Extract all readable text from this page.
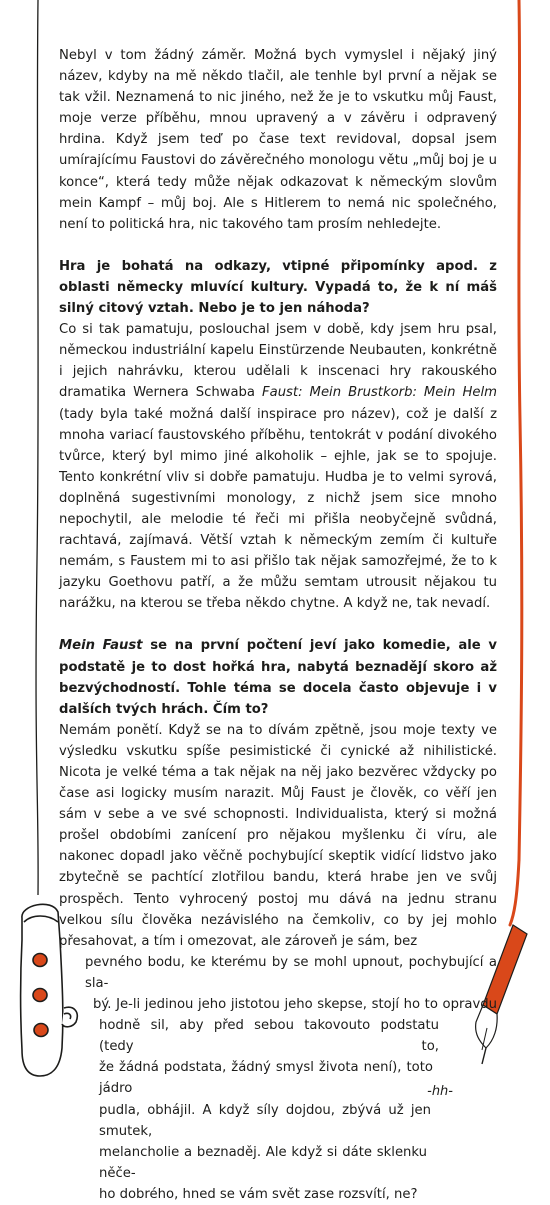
Nebyl v tom žádný záměr. Možná bych vymyslel i nějaký jiný název, kdyby na mě někdo tlačil, ale tenhle byl první a nějak se tak vžil. Neznamená to nic jiného, než že je to vskutku můj Faust, moje verze příběhu, mnou upravený a v závěru i odpravený hrdina. Když jsem teď po čase text revidoval, dopsal jsem umírajícímu Faustovi do závěrečného monologu větu „můj boj je u konce“, která tedy může nějak odkazovat k německým slovům mein Kampf – můj boj. Ale s Hitlerem to nemá nic společného, není to politická hra, nic takového tam prosím nehledejte.

Hra je bohatá na odkazy, vtipné připomínky apod. z oblasti německy mluvící kultury. Vypadá to, že k ní máš silný citový vztah. Nebo je to jen náhoda?

Co si tak pamatuju, poslouchal jsem v době, kdy jsem hru psal, německou industriální kapelu Einstürzende Neubauten, konkrétně i jejich nahrávku, kterou udělali k inscenaci hry rakouského dramatika Wernera Schwaba Faust: Mein Brustkorb: Mein Helm (tady byla také možná další inspirace pro název), což je další z mnoha variací faustovského příběhu, tentokrát v podání divokého tvůrce, který byl mimo jiné alkoholik – ejhle, jak se to spojuje. Tento konkrétní vliv si dobře pamatuju. Hudba je to velmi syrová, doplněná sugestivními monology, z nichž jsem sice mnoho nepochytil, ale melodie té řeči mi přišla neobyčejně svůdná, rachtavá, zajímavá. Větší vztah k německým zemím či kultuře nemám, s Faustem mi to asi přišlo tak nějak samozřejmé, že to k jazyku Goethovu patří, a že můžu semtam utrousit nějakou tu narážku, na kterou se třeba někdo chytne. A když ne, tak nevadí.

Mein Faust se na první počtení jeví jako komedie, ale v podstatě je to dost hořká hra, nabytá beznadějí skoro až bezvýchodností. Tohle téma se docela často objevuje i v dalších tvých hrách. Čím to?

Nemám ponětí. Když se na to dívám zpětně, jsou moje texty ve výsledku vskutku spíše pesimistické či cynické až nihilistické. Nicota je velké téma a tak nějak na něj jako bezvěrec vždycky po čase asi logicky musím narazit. Můj Faust je člověk, co věří jen sám v sebe a ve své schopnosti. Individualista, který si možná prošel obdobími zanícení pro nějakou myšlenku či víru, ale nakonec dopadl jako věčně pochybující skeptik vidící lidstvo jako zbytečně se pachtící zlotřilou bandu, která hrabe jen ve svůj prospěch. Tento vyhrocený postoj mu dává na jednu stranu velkou sílu člověka nezávislého na čemkoliv, co by jej mohlo přesahovat, a tím i omezovat, ale zároveň je sám, bez

pevného bodu, ke kterému by se mohl upnout, pochybující a sla-
bý. Je-li jedinou jeho jistotou jeho skepse, stojí ho to opravdu
hodně sil, aby před sebou takovouto podstatu (tedy to,
že žádná podstata, žádný smysl života není), toto jádro
pudla, obhájil. A když síly dojdou, zbývá už jen smutek,
melancholie a beznaděj. Ale když si dáte sklenku něče-
ho dobrého, hned se vám svět zase rozsvítí, ne?
-hh-
